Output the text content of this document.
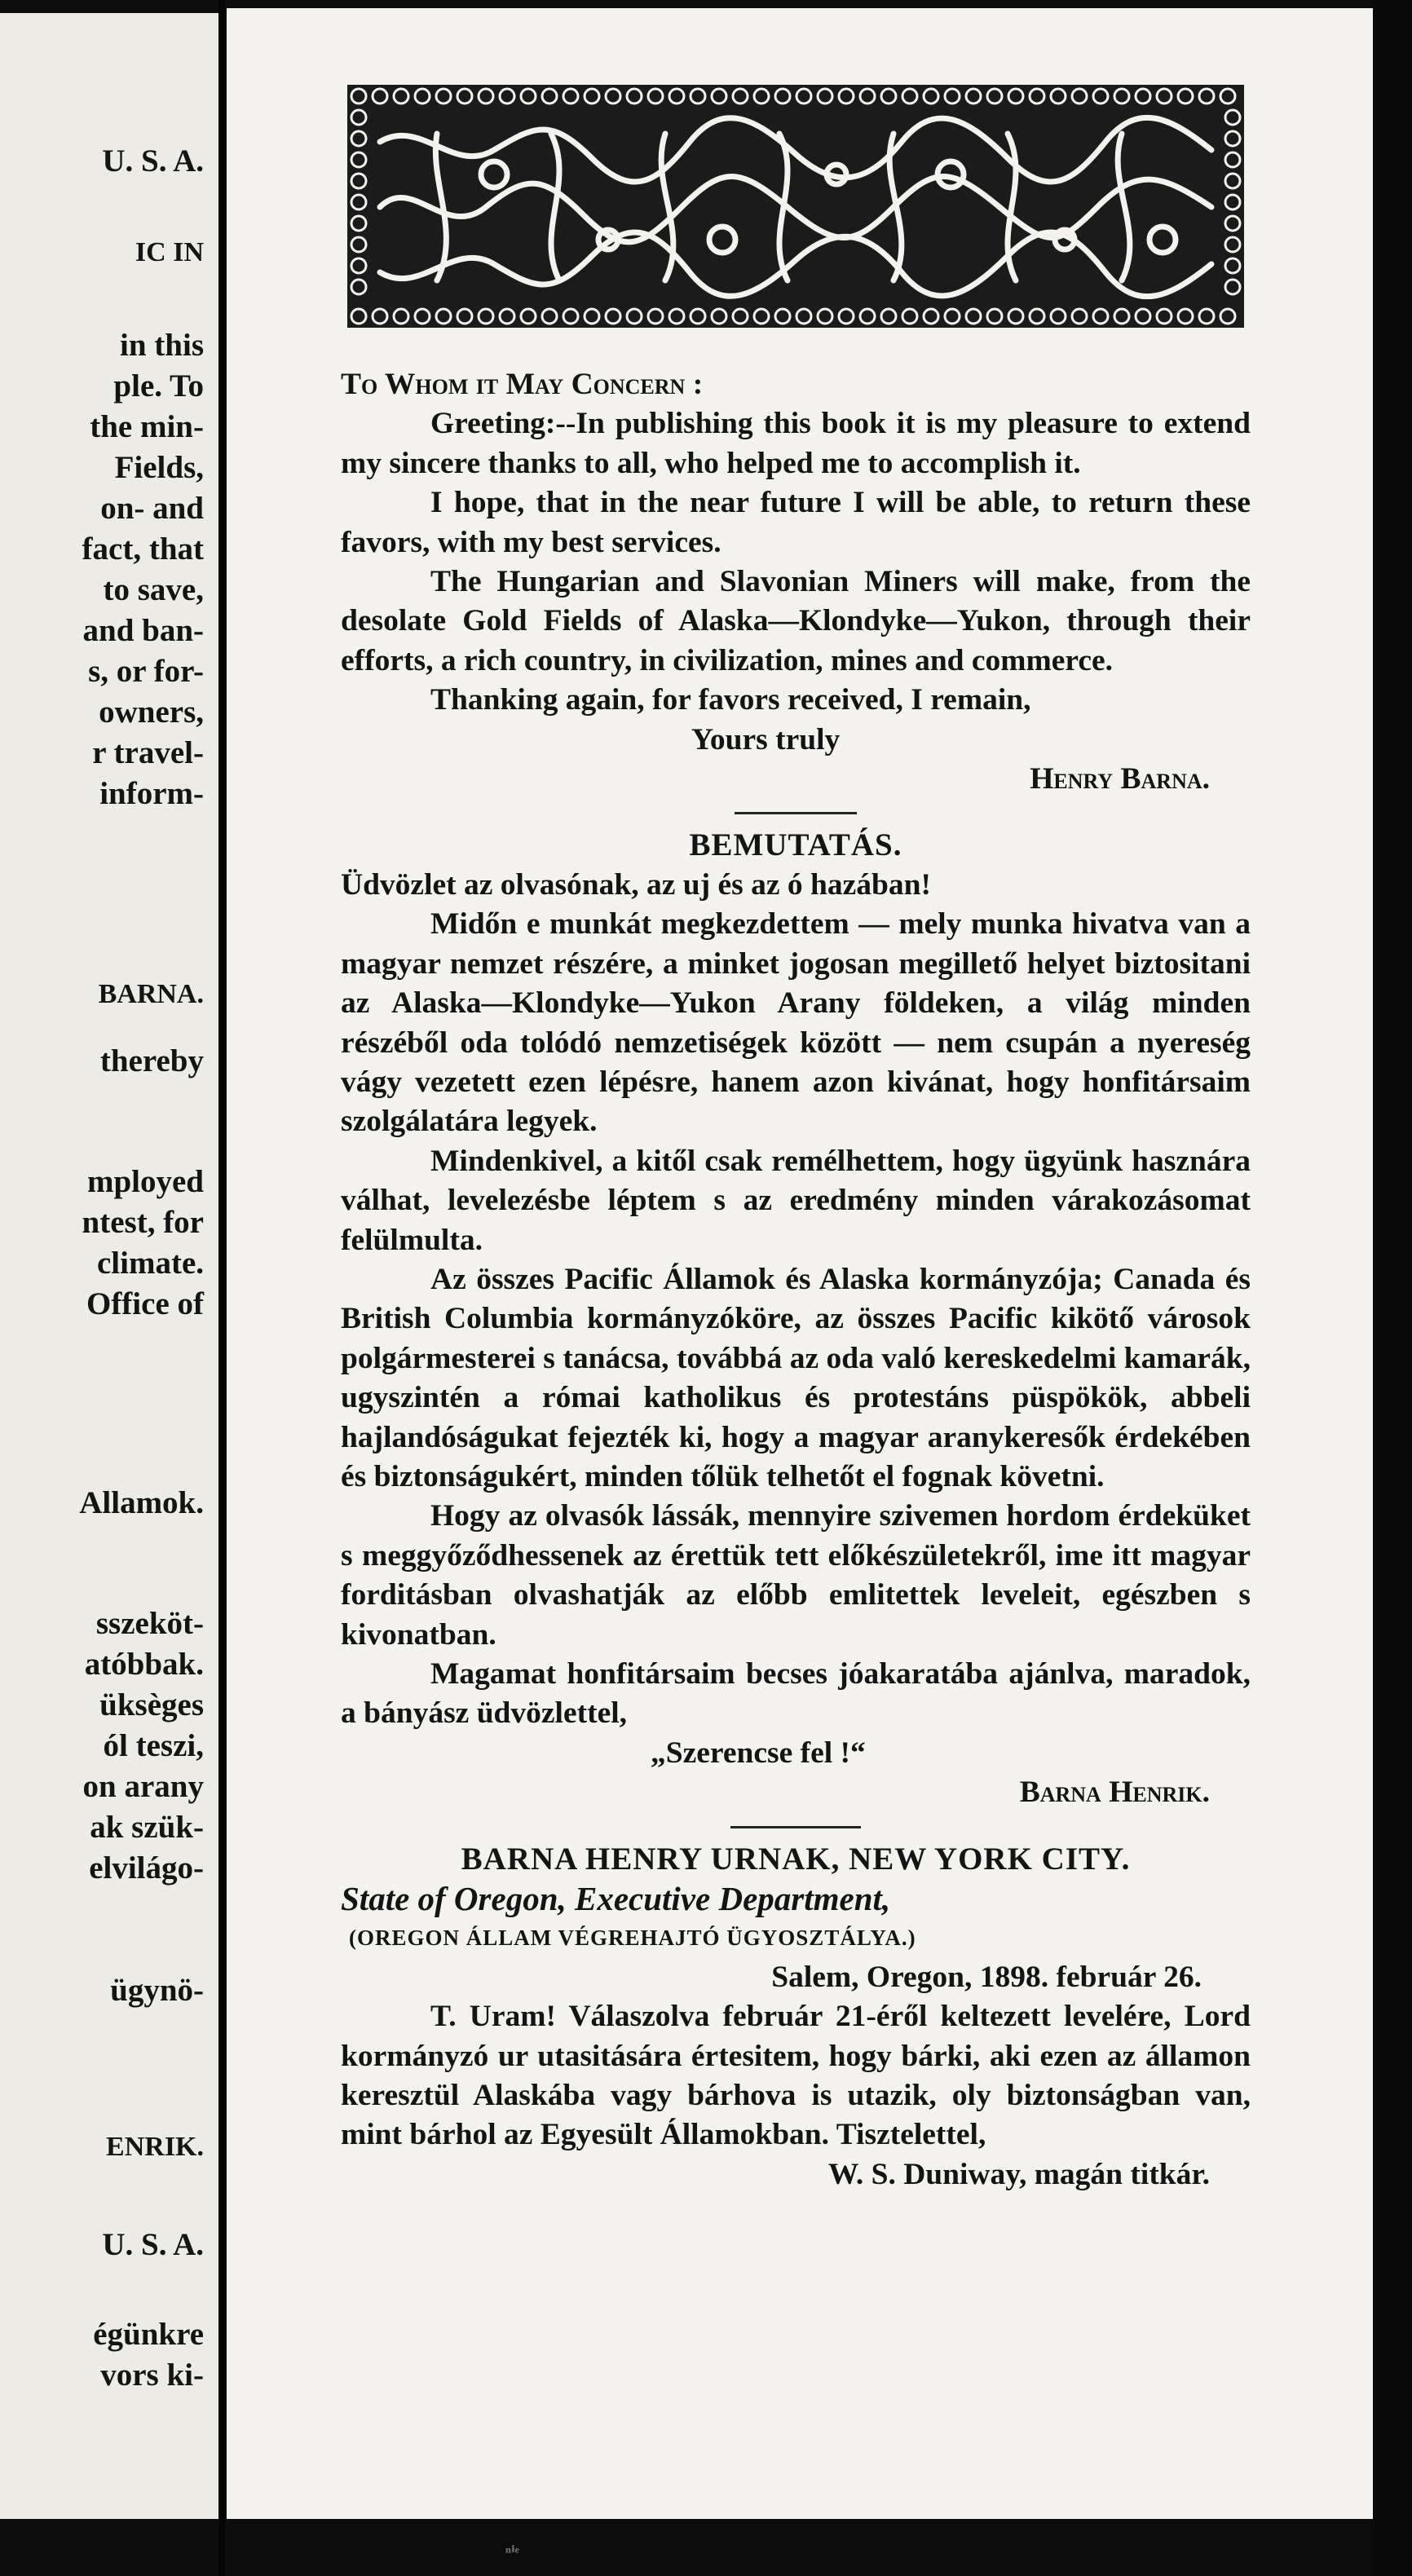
U. S. A.
IC IN
in this
ple. To
the min-
Fields,
on- and
fact, that
to save,
and ban-
s, or for-
owners,
r travel-
inform-
BARNA.
thereby
mployed
ntest, for
climate.
Office of
Allamok.
sszeköt-
atóbbak.
üksèges
ól teszi,
on arany
ak szük-
elvilágo-
ügynö-
ENRIK.
U. S. A.
égünkre
vors ki-

To Whom it May Concern :

Greeting:--In publishing this book it is my pleasure to extend my sincere thanks to all, who helped me to accomplish it.

I hope, that in the near future I will be able, to return these favors, with my best services.

The Hungarian and Slavonian Miners will make, from the desolate Gold Fields of Alaska—Klondyke—Yukon, through their efforts, a rich country, in civilization, mines and commerce.

Thanking again, for favors received, I remain,

Yours truly

Henry Barna.

BEMUTATÁS.

Üdvözlet az olvasónak, az uj és az ó hazában!

Midőn e munkát megkezdettem — mely munka hivatva van a magyar nemzet részére, a minket jogosan megillető helyet biztositani az Alaska—Klondyke—Yukon Arany földeken, a világ minden részéből oda tolódó nemzetiségek között — nem csupán a nyereség vágy vezetett ezen lépésre, hanem azon kivánat, hogy honfitársaim szolgálatára legyek.

Mindenkivel, a kitől csak remélhettem, hogy ügyünk hasznára válhat, levelezésbe léptem s az eredmény minden várakozásomat felülmulta.

Az összes Pacific Államok és Alaska kormányzója; Canada és British Columbia kormányzóköre, az összes Pacific kikötő városok polgármesterei s tanácsa, továbbá az oda való kereskedelmi kamarák, ugyszintén a római katholikus és protestáns püspökök, abbeli hajlandóságukat fejezték ki, hogy a magyar aranykeresők érdekében és biztonságukért, minden tőlük telhetőt el fognak követni.

Hogy az olvasók lássák, mennyire szivemen hordom érdeküket s meggyőződhessenek az érettük tett előkészületekről, ime itt magyar forditásban olvashatják az előbb emlitettek leveleit, egészben s kivonatban.

Magamat honfitársaim becses jóakaratába ajánlva, maradok, a bányász üdvözlettel,

„Szerencse fel !“

Barna Henrik.

BARNA HENRY URNAK, NEW YORK CITY.

State of Oregon, Executive Department,

(OREGON ÁLLAM VÉGREHAJTÓ ÜGYOSZTÁLYA.)

Salem, Oregon, 1898. február 26.

T. Uram! Válaszolva február 21-éről keltezett levelére, Lord kormányzó ur utasitására értesitem, hogy bárki, aki ezen az államon keresztül Alaskába vagy bárhova is utazik, oly biztonságban van, mint bárhol az Egyesült Államokban. Tisztelettel,

W. S. Duniway, magán titkár.

ⁿⁱᵉ
